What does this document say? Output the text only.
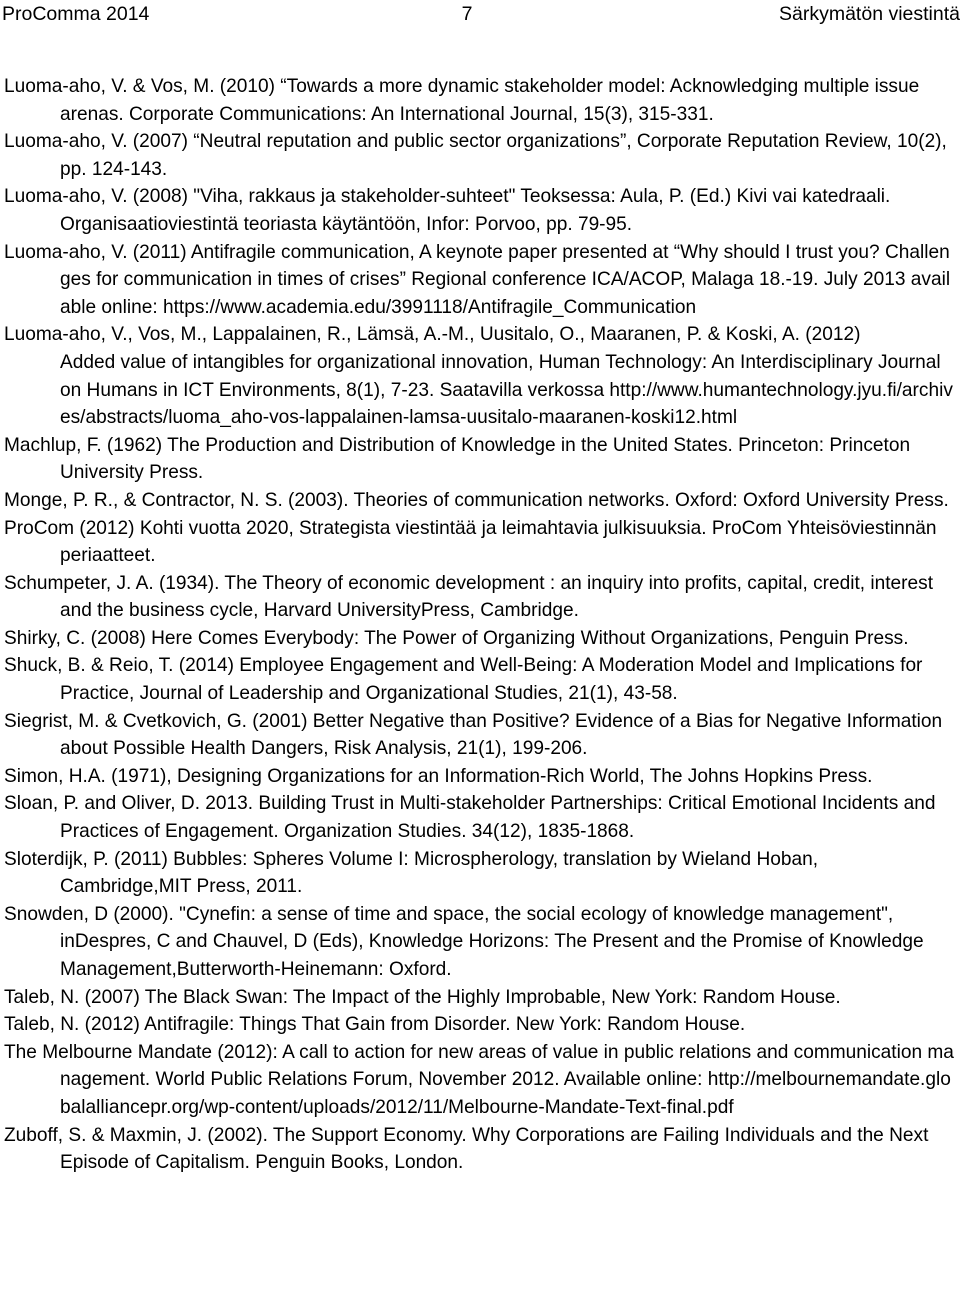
ProComma 2014	7	Särkymätön viestintä

Luoma-aho, V. & Vos, M. (2010) “Towards a more dynamic stakeholder model: Acknowledging multiple issue arenas. Corporate Communications: An International Journal, 15(3), 315-331.

Luoma-aho, V. (2007) “Neutral reputation and public sector organizations”, Corporate Reputation Review, 10(2), pp. 124-143.

Luoma-aho, V. (2008) "Viha, rakkaus ja stakeholder-suhteet" Teoksessa: Aula, P. (Ed.) Kivi vai katedraali. Organisaatioviestintä teoriasta käytäntöön, Infor: Porvoo, pp. 79-95.

Luoma-aho, V. (2011) Antifragile communication, A keynote paper presented at “Why should I trust you? Challenges for communication in times of crises” Regional conference ICA/ACOP, Malaga 18.-19. July 2013 available online: https://www.academia.edu/3991118/Antifragile_Communication

Luoma-aho, V., Vos, M., Lappalainen, R., Lämsä, A.-M., Uusitalo, O., Maaranen, P. & Koski, A. (2012)

Added value of intangibles for organizational innovation, Human Technology: An Interdisciplinary Journal on Humans in ICT Environments, 8(1), 7-23. Saatavilla verkossa http://www.humantechnology.jyu.fi/archives/abstracts/luoma_aho-vos-lappalainen-lamsa-uusitalo-maaranen-koski12.html

Machlup, F. (1962) The Production and Distribution of Knowledge in the United States. Princeton: Princeton University Press.

Monge, P. R., & Contractor, N. S. (2003). Theories of communication networks. Oxford: Oxford University Press.

ProCom (2012) Kohti vuotta 2020, Strategista viestintää ja leimahtavia julkisuuksia. ProCom Yhteisöviestinnän periaatteet.

Schumpeter, J. A. (1934). The Theory of economic development : an inquiry into profits, capital, credit, interest and the business cycle, Harvard UniversityPress, Cambridge.

Shirky, C. (2008) Here Comes Everybody: The Power of Organizing Without Organizations, Penguin Press.

Shuck, B. & Reio, T. (2014) Employee Engagement and Well-Being: A Moderation Model and Implications for Practice, Journal of Leadership and Organizational Studies, 21(1), 43-58.

Siegrist, M. & Cvetkovich, G. (2001) Better Negative than Positive? Evidence of a Bias for Negative Information about Possible Health Dangers, Risk Analysis, 21(1), 199-206.

Simon, H.A. (1971), Designing Organizations for an Information-Rich World, The Johns Hopkins Press.

Sloan, P. and Oliver, D. 2013. Building Trust in Multi-stakeholder Partnerships: Critical Emotional Incidents and Practices of Engagement. Organization Studies. 34(12), 1835-1868.

Sloterdijk, P. (2011) Bubbles: Spheres Volume I: Microspherology, translation by Wieland Hoban, Cambridge,MIT Press, 2011.

Snowden, D (2000). "Cynefin: a sense of time and space, the social ecology of knowledge management", inDespres, C and Chauvel, D (Eds), Knowledge Horizons: The Present and the Promise of Knowledge Management,Butterworth-Heinemann: Oxford.

Taleb, N. (2007) The Black Swan: The Impact of the Highly Improbable, New York: Random House.

Taleb, N. (2012) Antifragile: Things That Gain from Disorder. New York: Random House.

The Melbourne Mandate (2012): A call to action for new areas of value in public relations and communication management. World Public Relations Forum, November 2012. Available online: http://melbournemandate.globalalliancepr.org/wp-content/uploads/2012/11/Melbourne-Mandate-Text-final.pdf

Zuboff, S. & Maxmin, J. (2002). The Support Economy. Why Corporations are Failing Individuals and the Next Episode of Capitalism. Penguin Books, London.
